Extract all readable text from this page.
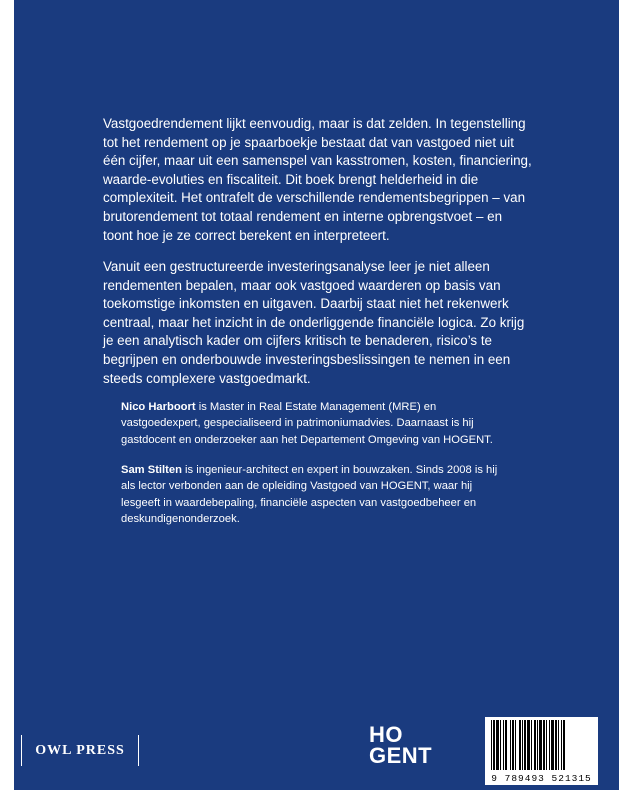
Vastgoedrendement lijkt eenvoudig, maar is dat zelden. In tegenstelling tot het rendement op je spaarboekje bestaat dat van vastgoed niet uit één cijfer, maar uit een samenspel van kasstromen, kosten, financiering, waarde-evoluties en fiscaliteit. Dit boek brengt helderheid in die complexiteit. Het ontrafelt de verschillende rendementsbegrippen – van brutorendement tot totaal rendement en interne opbrengstvoet – en toont hoe je ze correct berekent en interpreteert.

Vanuit een gestructureerde investeringsanalyse leer je niet alleen rendementen bepalen, maar ook vastgoed waarderen op basis van toekomstige inkomsten en uitgaven. Daarbij staat niet het rekenwerk centraal, maar het inzicht in de onderliggende financiële logica. Zo krijg je een analytisch kader om cijfers kritisch te benaderen, risico’s te begrijpen en onderbouwde investeringsbeslissingen te nemen in een steeds complexere vastgoedmarkt.

Nico Harboort is Master in Real Estate Management (MRE) en vastgoedexpert, gespecialiseerd in patrimoniumadvies. Daarnaast is hij gastdocent en onderzoeker aan het Departement Omgeving van HOGENT.

Sam Stilten is ingenieur-architect en expert in bouwzaken. Sinds 2008 is hij als lector verbonden aan de opleiding Vastgoed van HOGENT, waar hij lesgeeft in waardebepaling, financiële aspecten van vastgoedbeheer en deskundigenonderzoek.

OWL PRESS
HO
GENT
9 789493 521315
